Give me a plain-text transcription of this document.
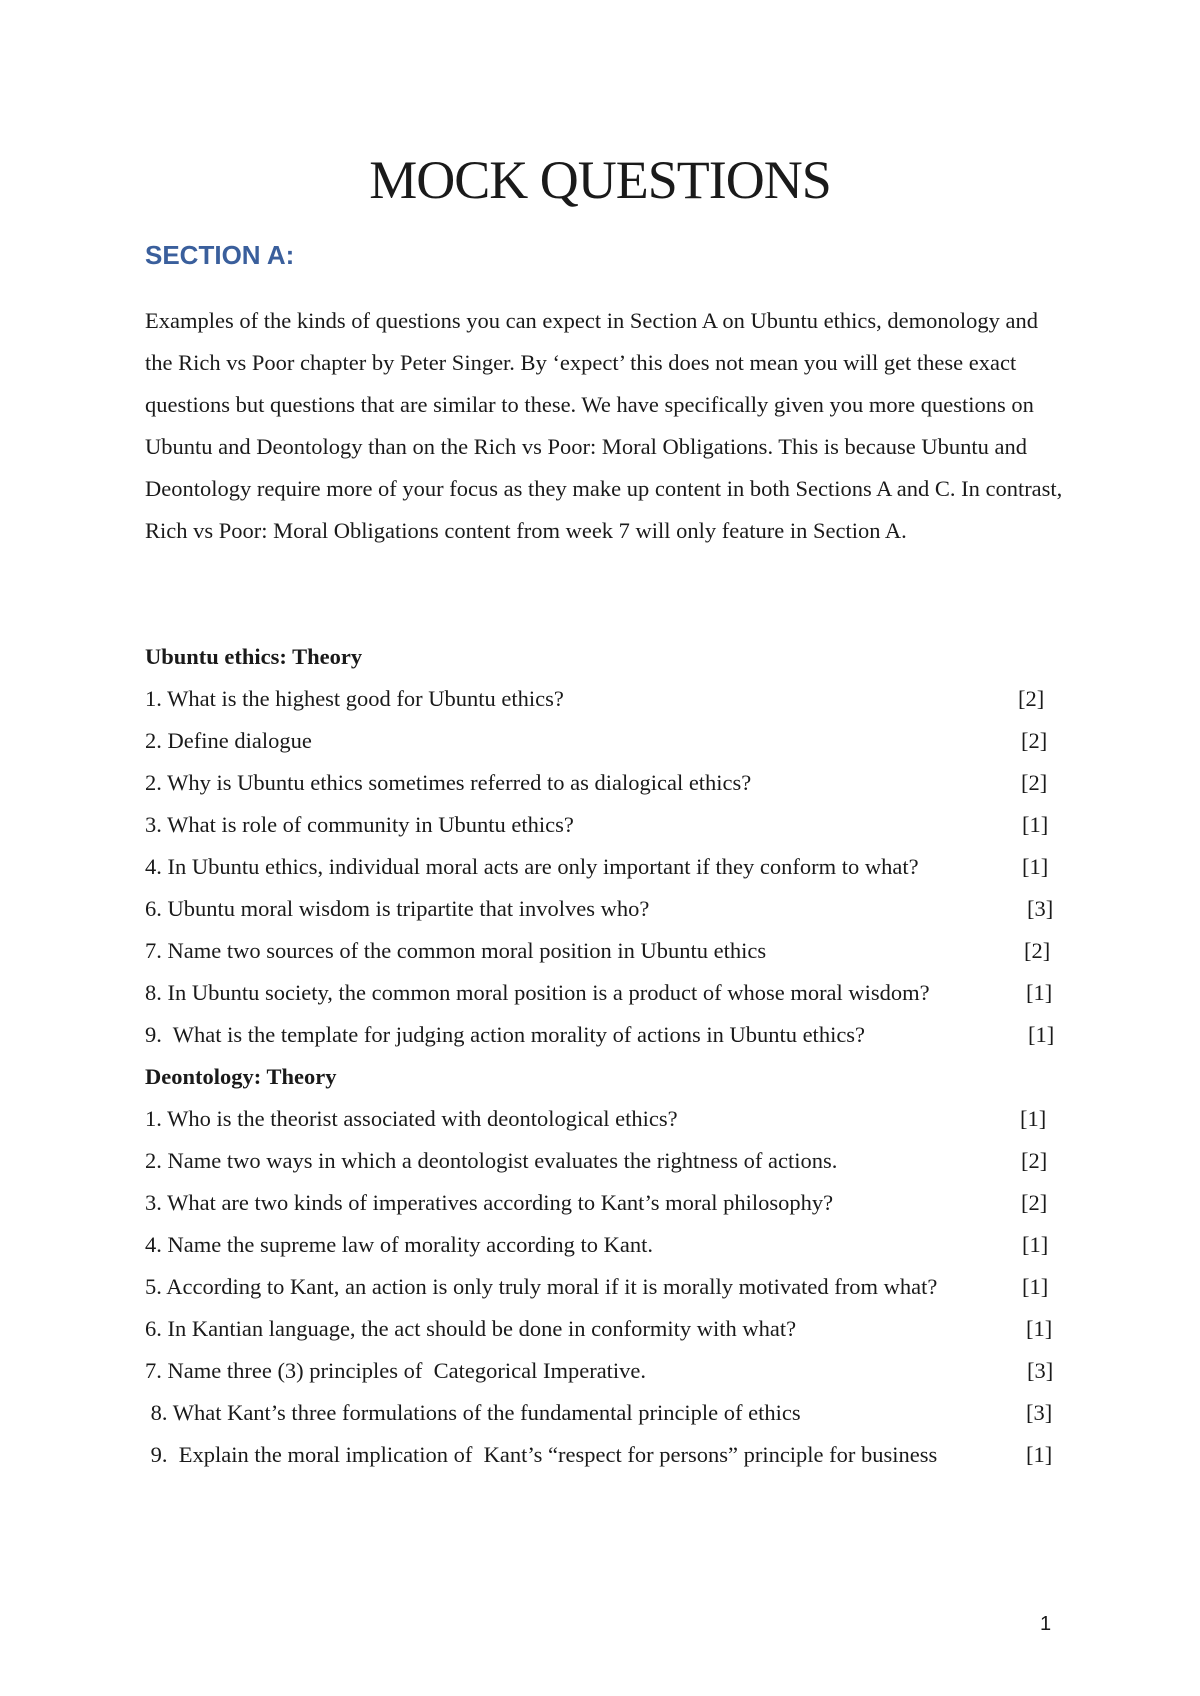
MOCK QUESTIONS
SECTION A:

Examples of the kinds of questions you can expect in Section A on Ubuntu ethics, demonology and the Rich vs Poor chapter by Peter Singer. By ‘expect’ this does not mean you will get these exact questions but questions that are similar to these. We have specifically given you more questions on Ubuntu and Deontology than on the Rich vs Poor: Moral Obligations. This is because Ubuntu and Deontology require more of your focus as they make up content in both Sections A and C. In contrast, Rich vs Poor: Moral Obligations content from week 7 will only feature in Section A.

Ubuntu ethics: Theory
1. What is the highest good for Ubuntu ethics?	[2]
2. Define dialogue	[2]
2. Why is Ubuntu ethics sometimes referred to as dialogical ethics?	[2]
3. What is role of community in Ubuntu ethics?	[1]
4. In Ubuntu ethics, individual moral acts are only important if they conform to what?	[1]
6. Ubuntu moral wisdom is tripartite that involves who?	[3]
7. Name two sources of the common moral position in Ubuntu ethics	[2]
8. In Ubuntu society, the common moral position is a product of whose moral wisdom?	[1]
9.  What is the template for judging action morality of actions in Ubuntu ethics?	[1]
Deontology: Theory
1. Who is the theorist associated with deontological ethics?	[1]
2. Name two ways in which a deontologist evaluates the rightness of actions.	[2]
3. What are two kinds of imperatives according to Kant’s moral philosophy?	[2]
4. Name the supreme law of morality according to Kant.	[1]
5. According to Kant, an action is only truly moral if it is morally motivated from what?	[1]
6. In Kantian language, the act should be done in conformity with what?	[1]
7. Name three (3) principles of  Categorical Imperative.	[3]
8. What Kant’s three formulations of the fundamental principle of ethics	[3]
9.  Explain the moral implication of  Kant’s “respect for persons” principle for business	[1]
1
